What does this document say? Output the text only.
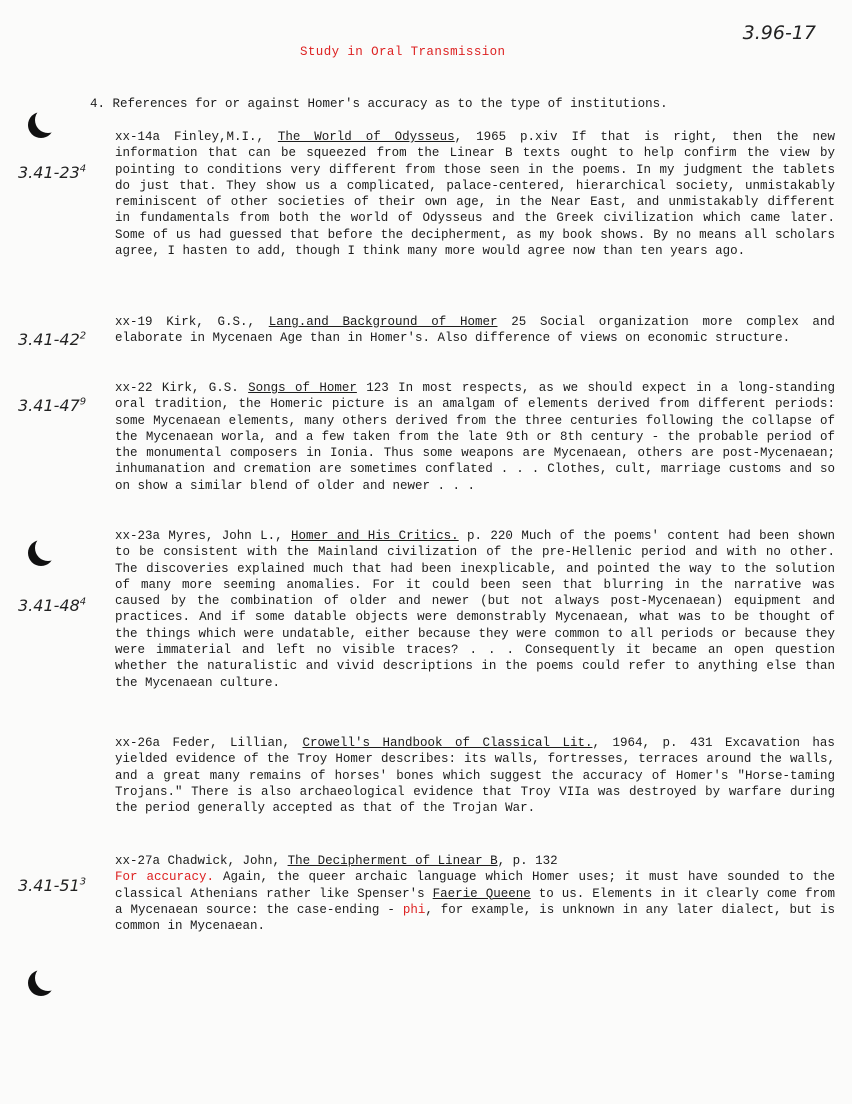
3.96-17
Study in Oral Transmission
4. References for or against Homer's accuracy as to the type of institutions.
$3.41-23^4$
xx-14a Finley,M.I., The World of Odysseus, 1965 p.xiv If that is right, then the new information that can be squeezed from the Linear B texts ought to help confirm the view by pointing to conditions very different from those seen in the poems. In my judgment the tablets do just that. They show us a complicated, palace-centered, hierarchical society, unmistakably reminiscent of other societies of their own age, in the Near East, and unmistakably different in fundamentals from both the world of Odysseus and the Greek civilization which came later. Some of us had guessed that before the decipherment, as my book shows. By no means all scholars agree, I hasten to add, though I think many more would agree now than ten years ago.
$3.41-42^2$
xx-19 Kirk, G.S., Lang.and Background of Homer 25 Social organization more complex and elaborate in Mycenaen Age than in Homer's. Also difference of views on economic structure.
$3.41-47^9$
xx-22 Kirk, G.S. Songs of Homer 123 In most respects, as we should expect in a long-standing oral tradition, the Homeric picture is an amalgam of elements derived from different periods: some Mycenaean elements, many others derived from the three centuries following the collapse of the Mycenaean worla, and a few taken from the late 9th or 8th century - the probable period of the monumental composers in Ionia. Thus some weapons are Mycenaean, others are post-Mycenaean; inhumanation and cremation are sometimes conflated . . . Clothes, cult, marriage customs and so on show a similar blend of older and newer . . .
$3.41-48^4$
xx-23a Myres, John L., Homer and His Critics. p. 220 Much of the poems' content had been shown to be consistent with the Mainland civilization of the pre-Hellenic period and with no other. The discoveries explained much that had been inexplicable, and pointed the way to the solution of many more seeming anomalies. For it could been seen that blurring in the narrative was caused by the combination of older and newer (but not always post-Mycenaean) equipment and practices. And if some datable objects were demonstrably Mycenaean, what was to be thought of the things which were undatable, either because they were common to all periods or because they were immaterial and left no visible traces? . . . Consequently it became an open question whether the naturalistic and vivid descriptions in the poems could refer to anything else than the Mycenaean culture.
xx-26a Feder, Lillian, Crowell's Handbook of Classical Lit., 1964, p. 431 Excavation has yielded evidence of the Troy Homer describes: its walls, fortresses, terraces around the walls, and a great many remains of horses' bones which suggest the accuracy of Homer's "Horse-taming Trojans." There is also archaeological evidence that Troy VIIa was destroyed by warfare during the period generally accepted as that of the Trojan War.
$3.41-51^3$
xx-27a Chadwick, John, The Decipherment of Linear B, p. 132
For accuracy. Again, the queer archaic language which Homer uses; it must have sounded to the classical Athenians rather like Spenser's Faerie Queene to us. Elements in it clearly come from a Mycenaean source: the case-ending - phi, for example, is unknown in any later dialect, but is common in Mycenaean.
